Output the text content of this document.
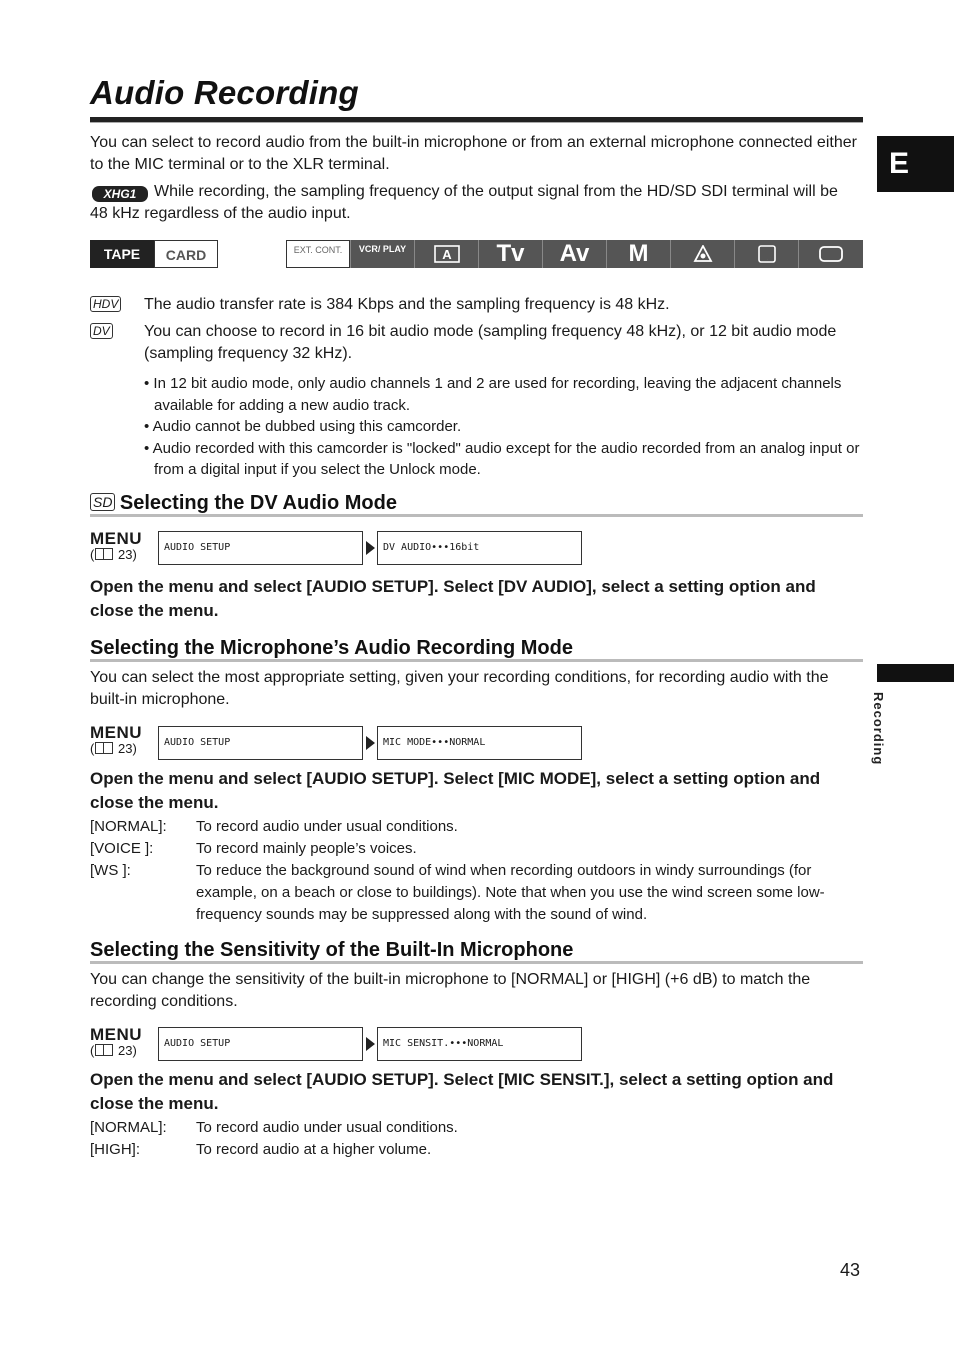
Audio Recording
E
Recording

You can select to record audio from the built-in microphone or from an external microphone connected either to the MIC terminal or to the XLR terminal.

XHG1 While recording, the sampling frequency of the output signal from the HD/SD SDI terminal will be 48 kHz regardless of the audio input.

TAPE	CARD	EXT. CONT.	VCR/ PLAY	A	Tv	Av	M
HDV The audio transfer rate is 384 Kbps and the sampling frequency is 48 kHz.

DV You can choose to record in 16 bit audio mode (sampling frequency 48 kHz), or 12 bit audio mode (sampling frequency 32 kHz).

• In 12 bit audio mode, only audio channels 1 and 2 are used for recording, leaving the adjacent channels available for adding a new audio track.

• Audio cannot be dubbed using this camcorder.

• Audio recorded with this camcorder is "locked" audio except for the audio recorded from an analog input or from a digital input if you select the Unlock mode.

SD Selecting the DV Audio Mode
MENU
( 23)	AUDIO SETUP	DV AUDIO•••16bit

Open the menu and select [AUDIO SETUP]. Select [DV AUDIO], select a setting option and close the menu.

Selecting the Microphone’s Audio Recording Mode

You can select the most appropriate setting, given your recording conditions, for recording audio with the built-in microphone.

MENU
( 23)	AUDIO SETUP	MIC MODE•••NORMAL

Open the menu and select [AUDIO SETUP]. Select [MIC MODE], select a setting option and close the menu.

[NORMAL]: To record audio under usual conditions.
[VOICE ]:	To record mainly people’s voices.
[WS ]:	To reduce the background sound of wind when recording outdoors in windy surroundings (for example, on a beach or close to buildings). Note that when you use the wind screen some low-frequency sounds may be suppressed along with the sound of wind.
Selecting the Sensitivity of the Built-In Microphone

You can change the sensitivity of the built-in microphone to [NORMAL] or [HIGH] (+6 dB) to match the recording conditions.

MENU
( 23)	AUDIO SETUP	MIC SENSIT.•••NORMAL

Open the menu and select [AUDIO SETUP]. Select [MIC SENSIT.], select a setting option and close the menu.

[NORMAL]: To record audio under usual conditions.
[HIGH]:	To record audio at a higher volume.
43
